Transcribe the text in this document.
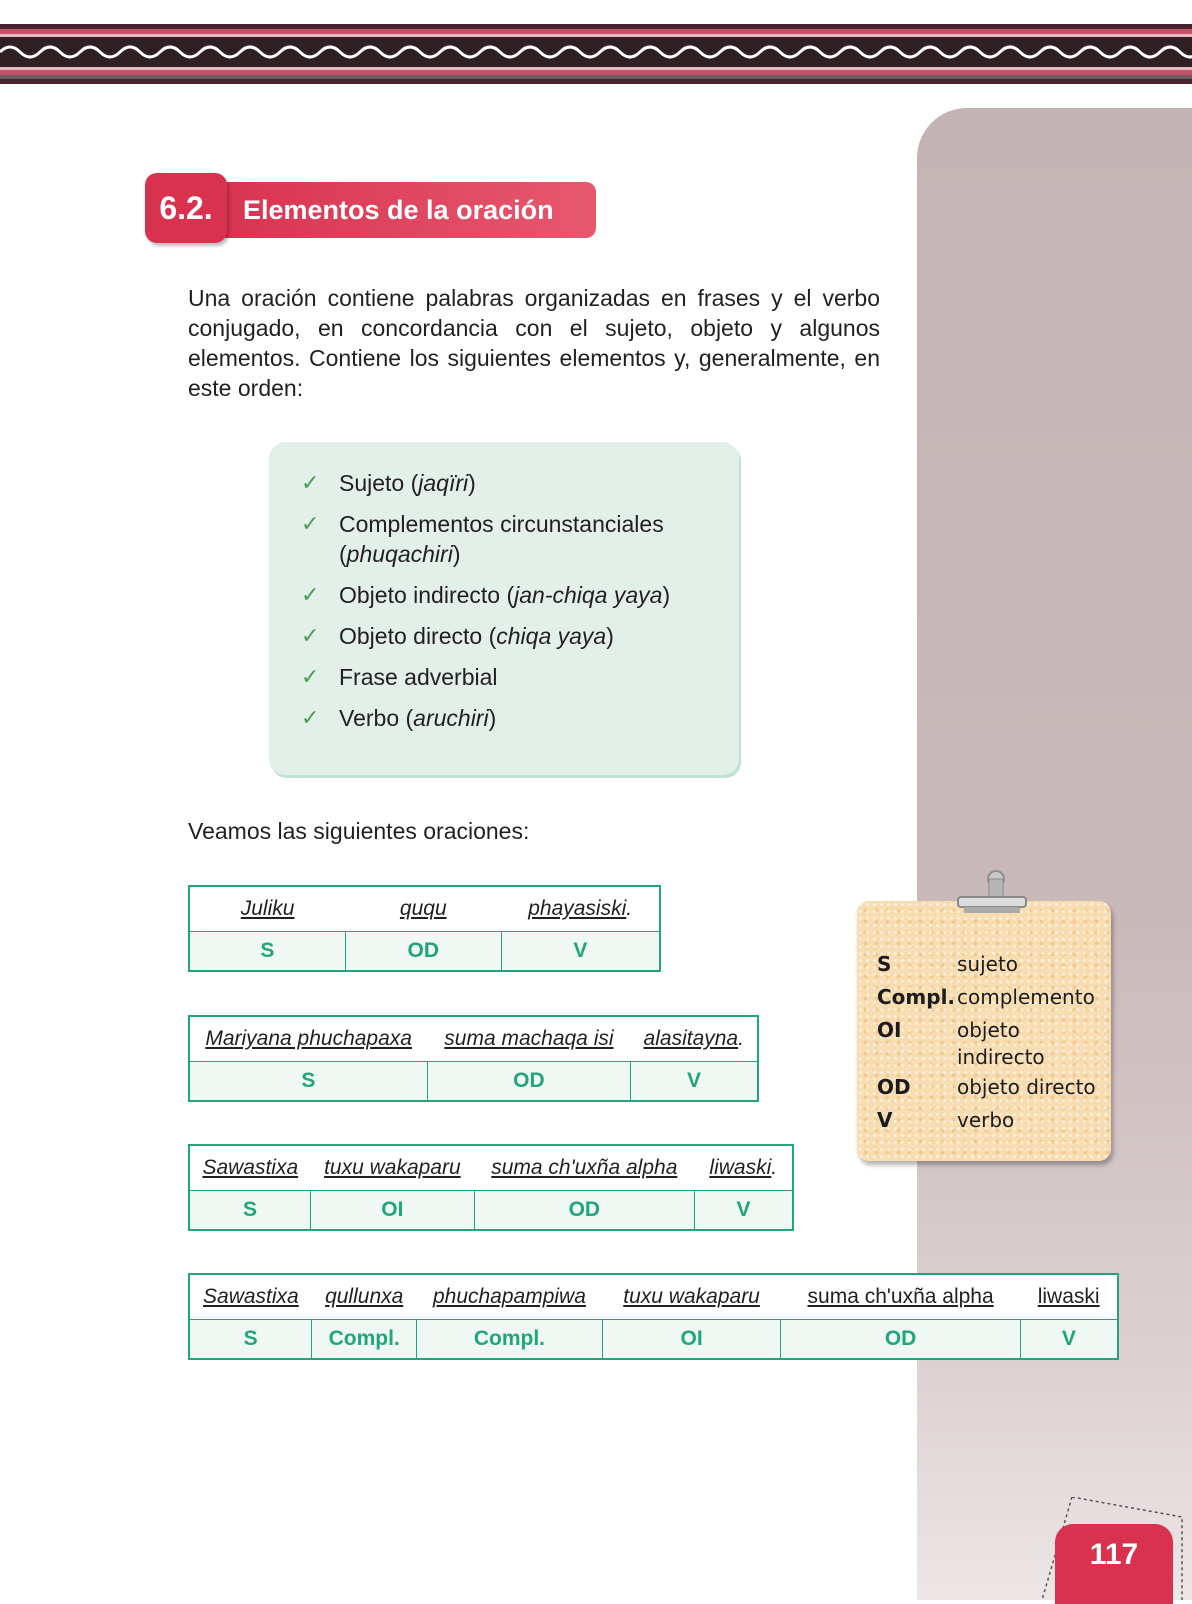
Elementos de la oración
6.2.

Una oración contiene palabras organizadas en frases y el verbo conjugado, en concordancia con el sujeto, objeto y algunos elementos. Contiene los siguientes elementos y, generalmente, en este orden:

✓ Sujeto (jaqïri)
✓ Complementos circunstanciales (phuqachiri)
✓ Objeto indirecto (jan-chiqa yaya)
✓ Objeto directo (chiqa yaya)
✓ Frase adverbial
✓ Verbo (aruchiri)

Veamos las siguientes oraciones:

Juliku	ququ	phayasiski.
S	OD	V
Mariyana phuchapaxa	suma machaqa isi	alasitayna.
S	OD	V
Sawastixa	tuxu wakaparu	suma ch'uxña alpha	liwaski.
S	OI	OD	V
Sawastixa	qullunxa	phuchapampiwa	tuxu wakaparu	suma ch'uxña alpha	liwaski
S	Compl.	Compl.	OI	OD	V
S	sujeto
Compl. complemento
OI	objeto indirecto
OD	objeto directo
V	verbo
117
